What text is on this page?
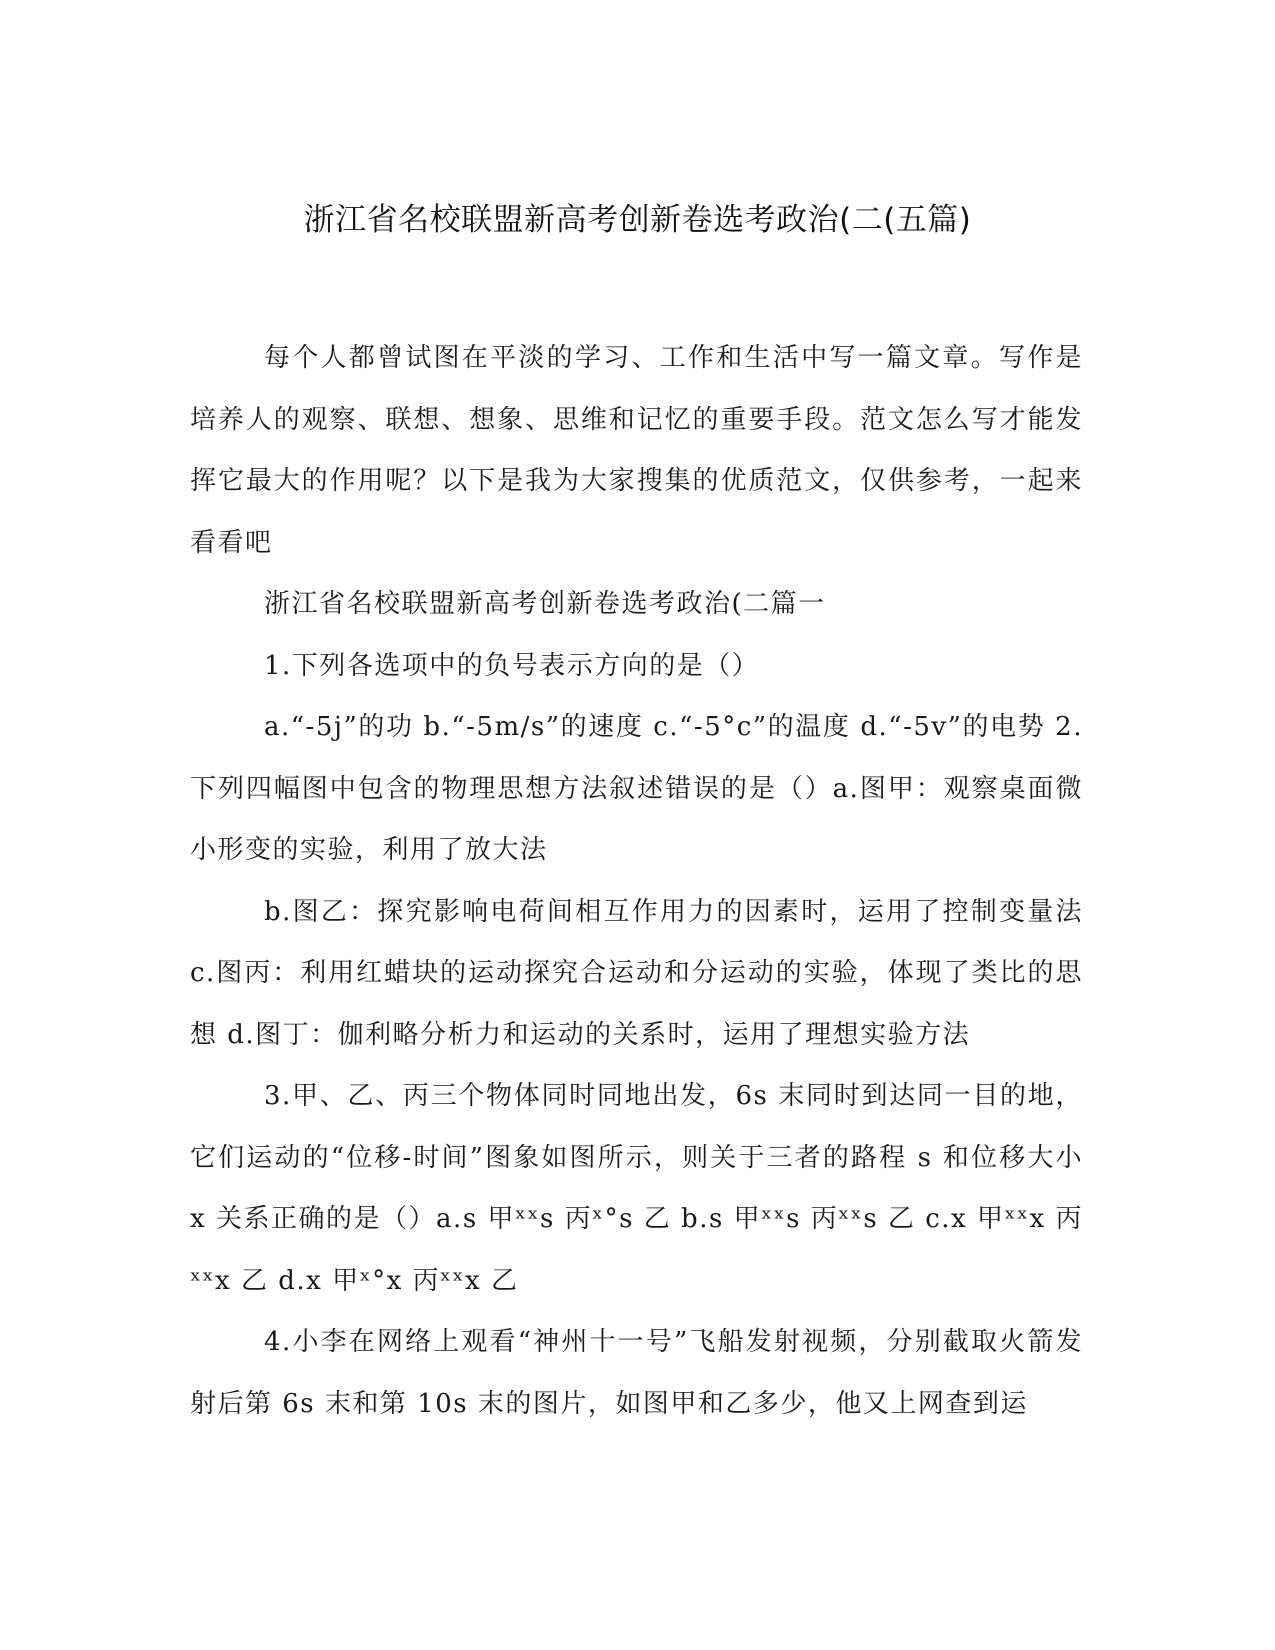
浙江省名校联盟新高考创新卷选考政治(二(五篇)

每个人都曾试图在平淡的学习、工作和生活中写一篇文章。写作是培养人的观察、联想、想象、思维和记忆的重要手段。范文怎么写才能发挥它最大的作用呢？以下是我为大家搜集的优质范文，仅供参考，一起来看看吧

浙江省名校联盟新高考创新卷选考政治(二篇一

1.下列各选项中的负号表示方向的是（）

a.“-5j”的功 b.“-5m/s”的速度 c.“-5°c”的温度 d.“-5v”的电势 2.下列四幅图中包含的物理思想方法叙述错误的是（）a.图甲：观察桌面微小形变的实验，利用了放大法

b.图乙：探究影响电荷间相互作用力的因素时，运用了控制变量法 c.图丙：利用红蜡块的运动探究合运动和分运动的实验，体现了类比的思想 d.图丁：伽利略分析力和运动的关系时，运用了理想实验方法

3.甲、乙、丙三个物体同时同地出发，6s 末同时到达同一目的地，它们运动的“位移-时间”图象如图所示，则关于三者的路程 s 和位移大小 x 关系正确的是（）a.s 甲ˣˣs 丙ˣ°s 乙 b.s 甲ˣˣs 丙ˣˣs 乙 c.x 甲ˣˣx 丙ˣˣx 乙 d.x 甲ˣ°x 丙ˣˣx 乙

4.小李在网络上观看“神州十一号”飞船发射视频，分别截取火箭发射后第 6s 末和第 10s 末的图片，如图甲和乙多少，他又上网查到运
